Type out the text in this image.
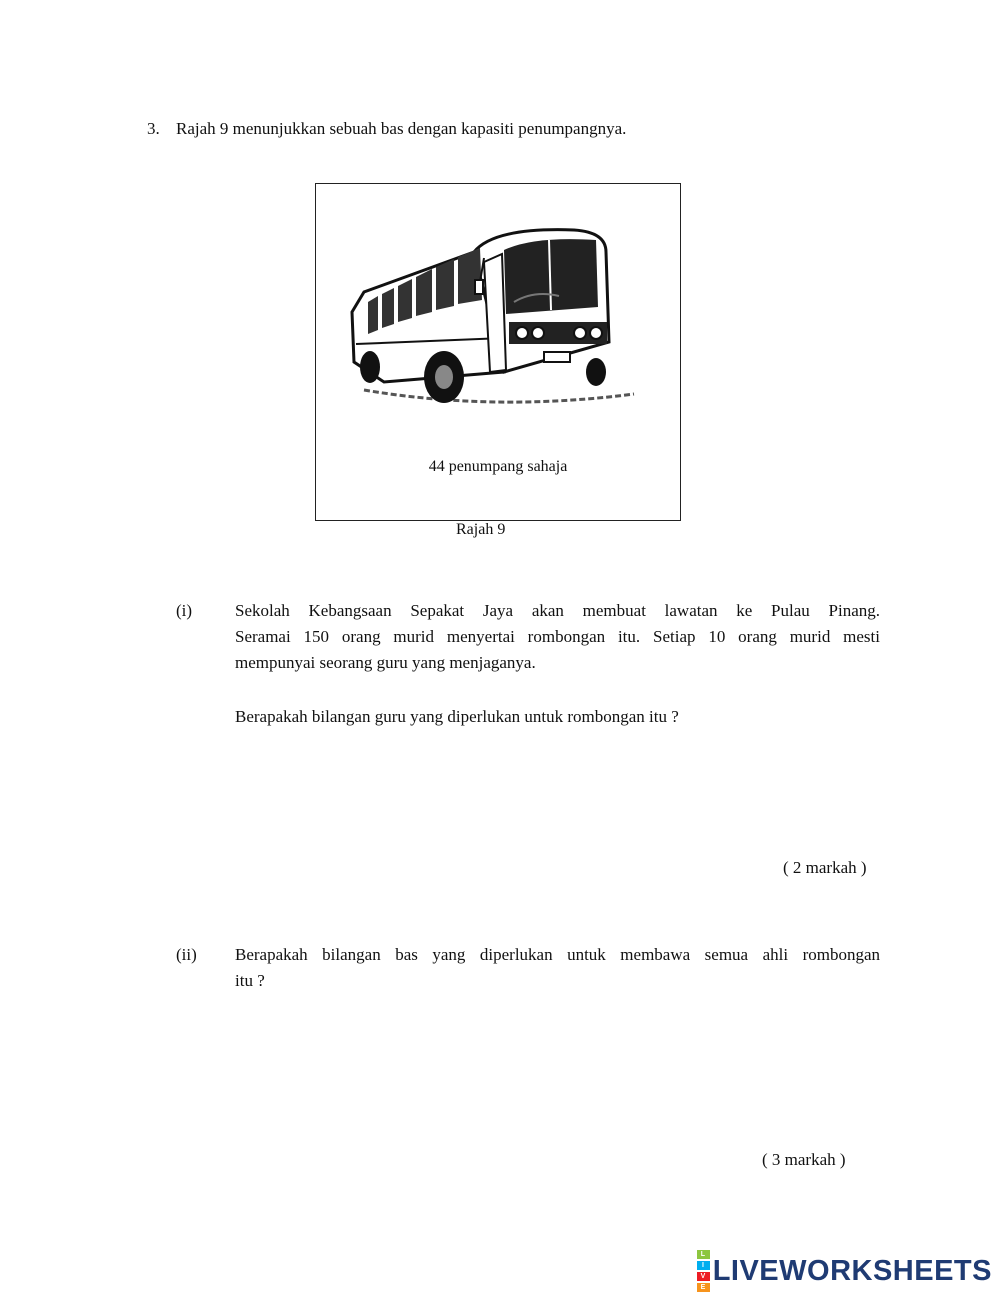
3. Rajah 9 menunjukkan sebuah bas dengan kapasiti penumpangnya.
44 penumpang sahaja
Rajah 9
(i)	Sekolah Kebangsaan Sepakat Jaya akan membuat lawatan ke Pulau Pinang.
Seramai 150 orang murid menyertai rombongan itu. Setiap 10 orang murid mesti
mempunyai seorang guru yang menjaganya.
Berapakah bilangan guru yang diperlukan untuk rombongan itu ?
( 2 markah )
(ii) Berapakah bilangan bas yang diperlukan untuk membawa semua ahli rombongan
itu ?
( 3 markah )
L
I
V
E
LIVEWORKSHEETS
